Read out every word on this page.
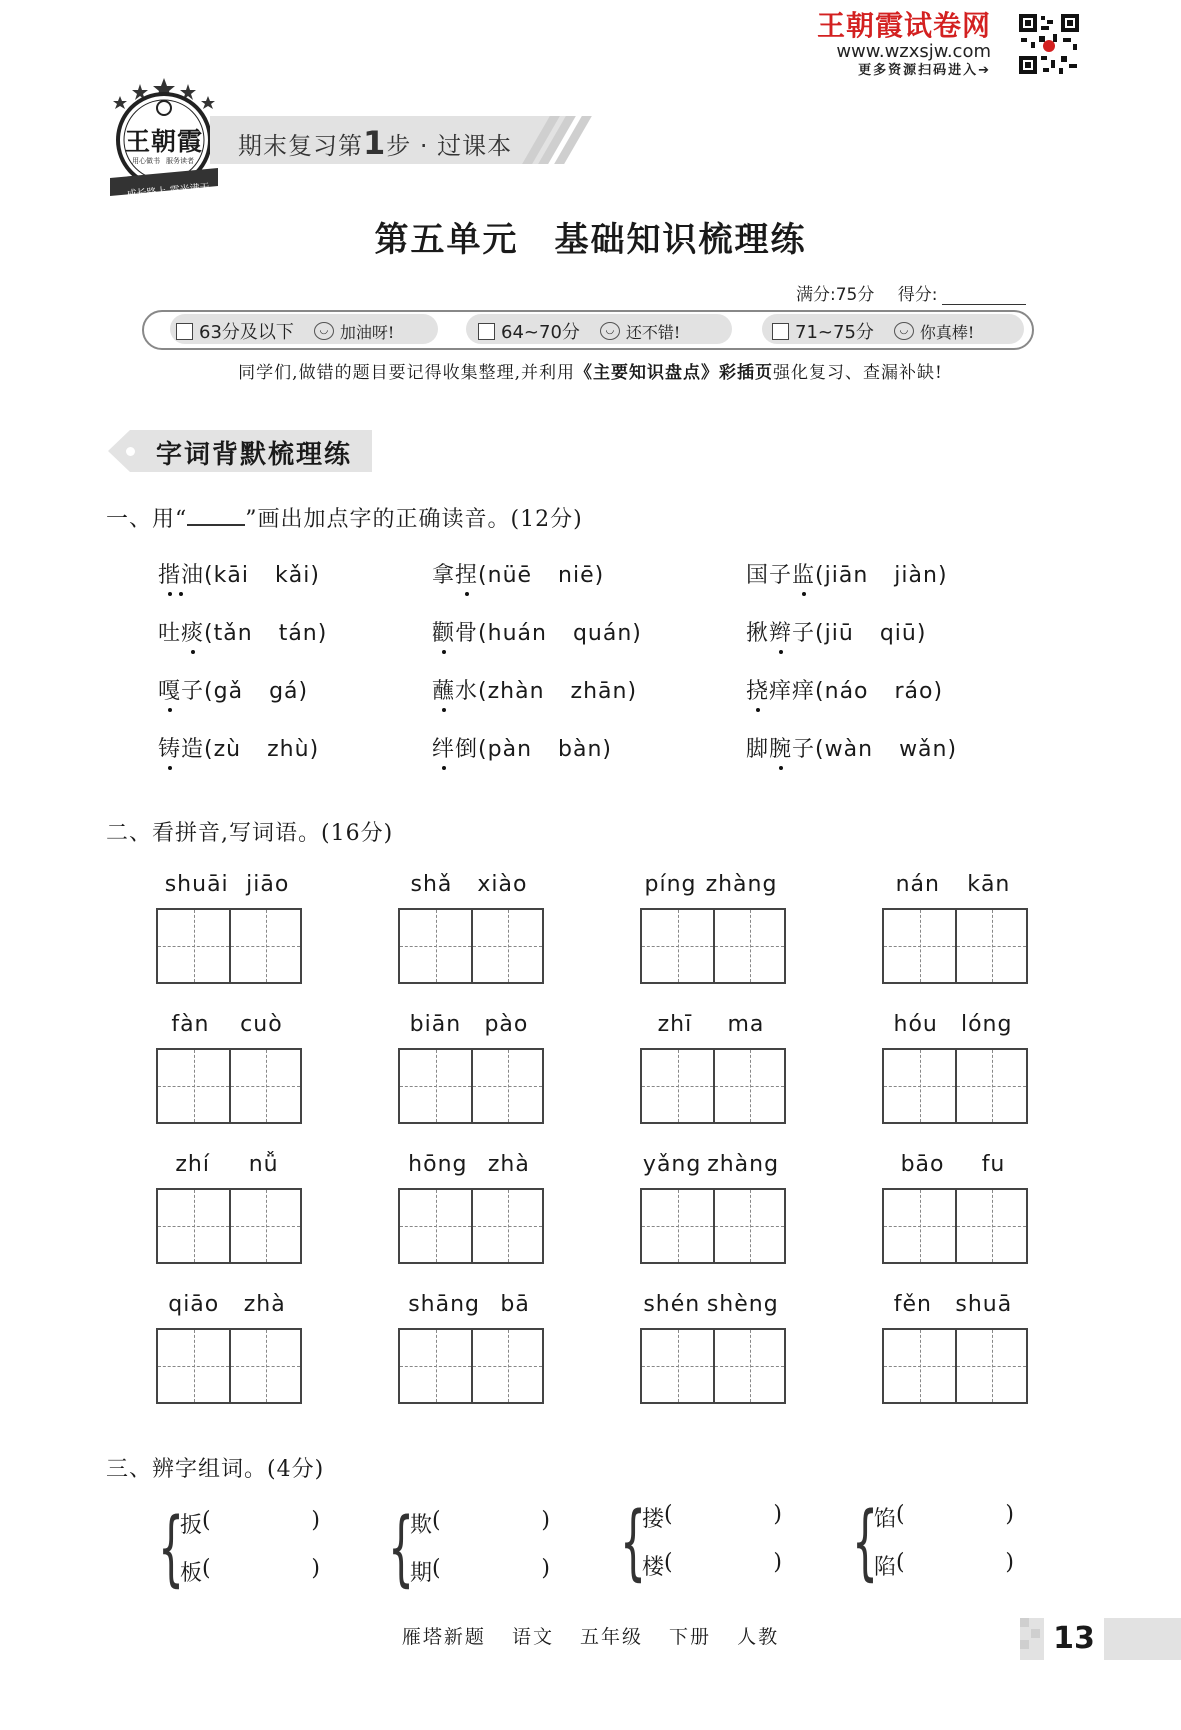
王朝霞试卷网
www.wzxsjw.com
更多资源扫码进入➔
王朝霞
用心做书 服务读者
成长路上 霞光满天
期末复习第1步 · 过课本
第五单元　基础知识梳理练
满分:75分 得分:
63分及以下	◡ 加油呀!	64~70分	◡ 还不错!	71~75分	◡ 你真棒!
同学们,做错的题目要记得收集整理,并利用《主要知识盘点》彩插页强化复习、查漏补缺!
字词背默梳理练
一、用“	”画出加点字的正确读音。(12分)
揩油(kāi kǎi)	拿捏(nüē niē)	国子监(jiān jiàn)
吐痰(tǎn tán)	颧骨(huán quán)	揪辫子(jiū qiū)
嘎子(gǎ gá)	蘸水(zhàn zhān)	挠痒痒(náo ráo)
铸造(zù zhù)	绊倒(pàn bàn)	脚腕子(wàn wǎn)
二、看拼音,写词语。(16分)
shuāi jiāo	shǎ xiào	píng zhàng	nán kān
fàn cuò	biān pào	zhī ma	hóu lóng
zhí nǚ	hōng zhà	yǎng zhàng	bāo fu
qiāo zhà	shāng bā	shén shèng	fěn shuā
三、辨字组词。(4分)
{
扳 (	)
板 (	) {
欺 (	)
期 (	) {
搂 (	)
楼 (	) {
馅 (	)
陷 (	)
雁塔新题 语文 五年级 下册 人教	13
